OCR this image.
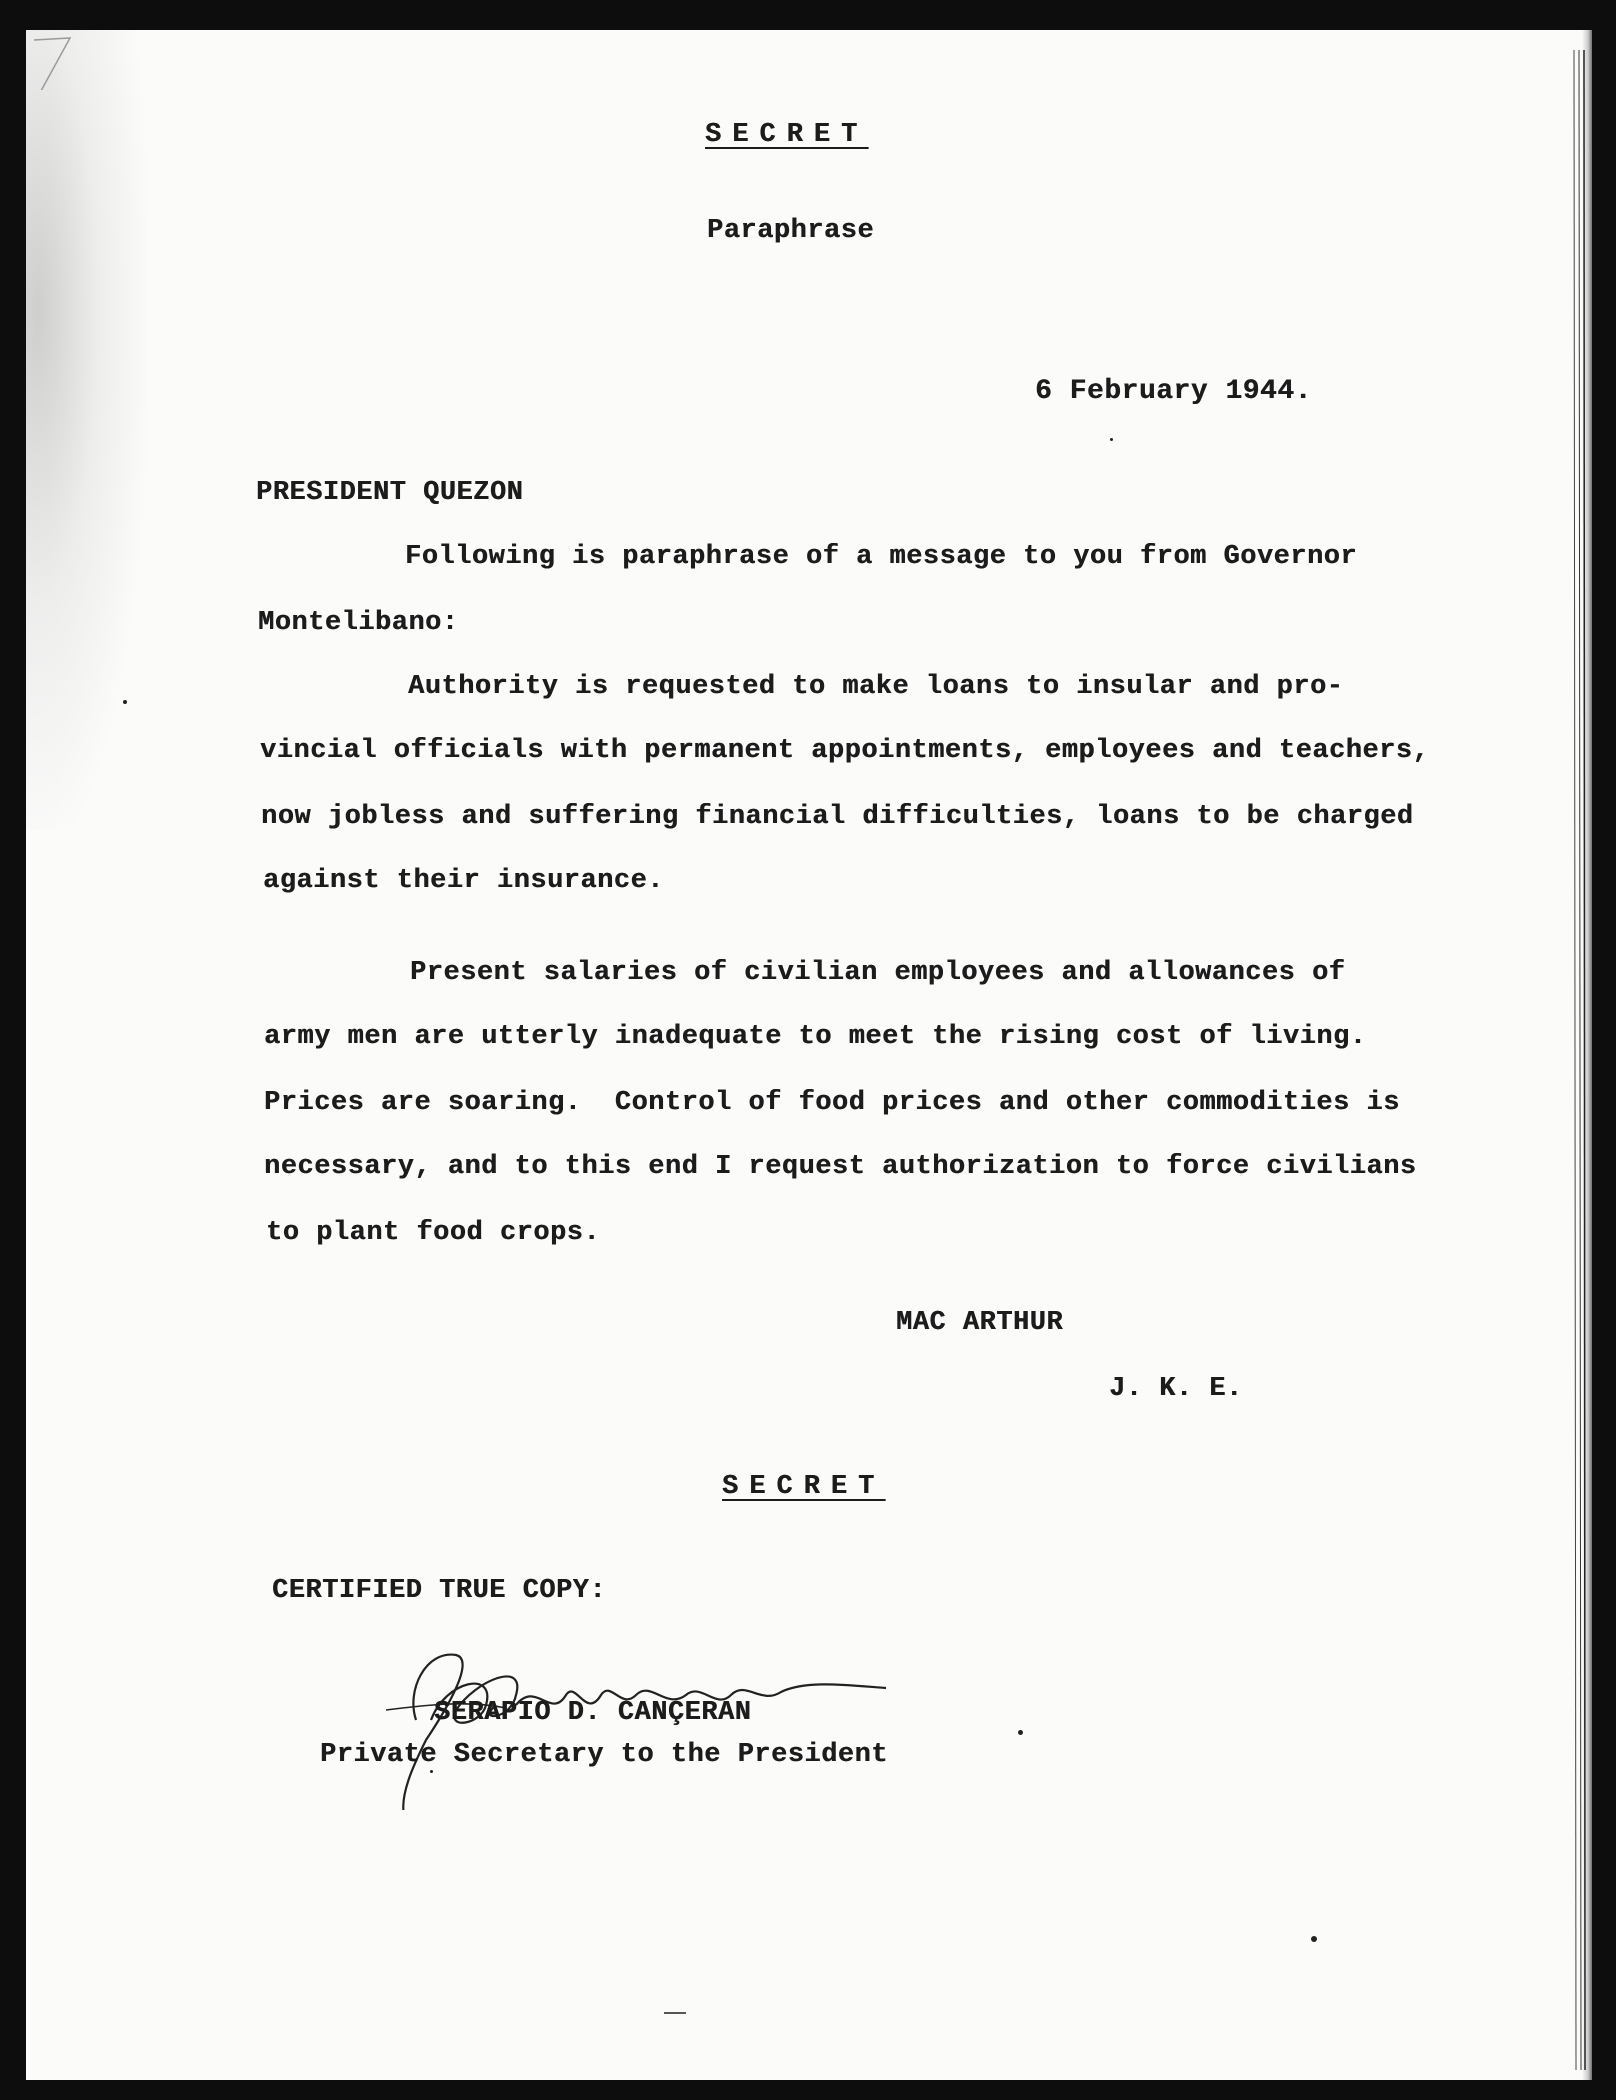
SECRET
Paraphrase
6 February 1944.
PRESIDENT QUEZON
Following is paraphrase of a message to you from Governor
Montelibano:
Authority is requested to make loans to insular and pro-
vincial officials with permanent appointments, employees and teachers,
now jobless and suffering financial difficulties, loans to be charged
against their insurance.
Present salaries of civilian employees and allowances of
army men are utterly inadequate to meet the rising cost of living.
Prices are soaring.  Control of food prices and other commodities is
necessary, and to this end I request authorization to force civilians
to plant food crops.
MAC ARTHUR
J. K. E.
SECRET
CERTIFIED TRUE COPY:
SERAPIO D. CANÇERAN
Private Secretary to the President
